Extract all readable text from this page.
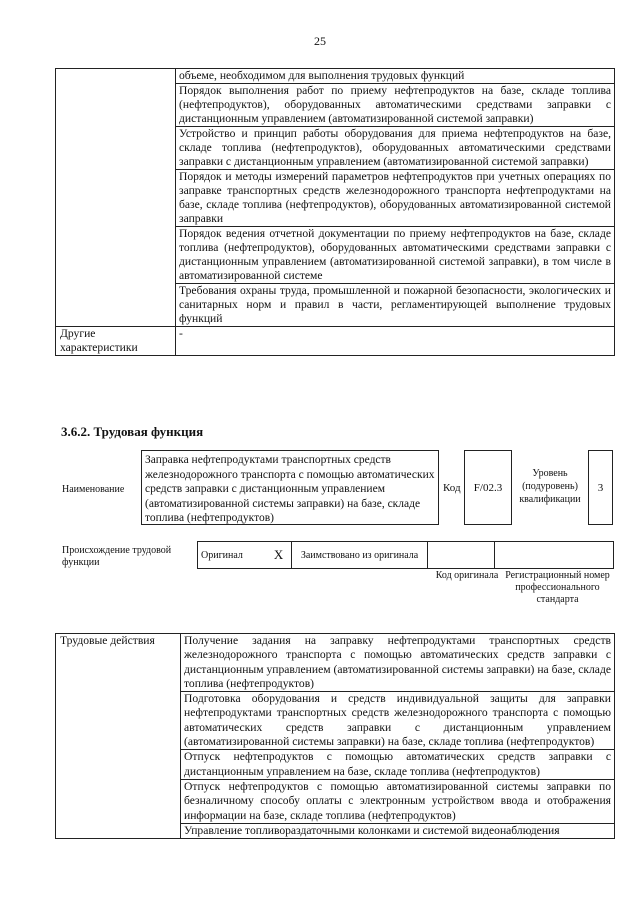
25
	объеме, необходимом для выполнения трудовых функций
	Порядок выполнения работ по приему нефтепродуктов на базе, складе топлива (нефтепродуктов), оборудованных автоматическими средствами заправки с дистанционным управлением (автоматизированной системой заправки)
	Устройство и принцип работы оборудования для приема нефтепродуктов на базе, складе топлива (нефтепродуктов), оборудованных автоматическими средствами заправки с дистанционным управлением (автоматизированной системой заправки)
	Порядок и методы измерений параметров нефтепродуктов при учетных операциях по заправке транспортных средств железнодорожного транспорта нефтепродуктами на базе, складе топлива (нефтепродуктов), оборудованных автоматизированной системой заправки
	Порядок ведения отчетной документации по приему нефтепродуктов на базе, складе топлива (нефтепродуктов), оборудованных автоматическими средствами заправки с дистанционным управлением (автоматизированной системой заправки), в том числе в автоматизированной системе
	Требования охраны труда, промышленной и пожарной безопасности, экологических и санитарных норм и правил в части, регламентирующей выполнение трудовых функций
Другие характеристики	-
3.6.2. Трудовая функция
Наименование
Заправка нефтепродуктами транспортных средств железнодорожного транспорта с помощью автоматических средств заправки с дистанционным управлением (автоматизированной системы заправки) на базе, складе топлива (нефтепродуктов)
Код	F/02.3
Уровень (подуровень) квалификации
3
Происхождение трудовой функции
Оригинал	X	Заимствовано из оригинала		
Код оригинала Регистрационный номер профессионального стандарта
Трудовые действия	Получение задания на заправку нефтепродуктами транспортных средств железнодорожного транспорта с помощью автоматических средств заправки с дистанционным управлением (автоматизированной системы заправки) на базе, складе топлива (нефтепродуктов)
Подготовка оборудования и средств индивидуальной защиты для заправки нефтепродуктами транспортных средств железнодорожного транспорта с помощью автоматических средств заправки с дистанционным управлением (автоматизированной системы заправки) на базе, складе топлива (нефтепродуктов)
Отпуск нефтепродуктов с помощью автоматических средств заправки с дистанционным управлением на базе, складе топлива (нефтепродуктов)
Отпуск нефтепродуктов с помощью автоматизированной системы заправки по безналичному способу оплаты с электронным устройством ввода и отображения информации на базе, складе топлива (нефтепродуктов)
Управление топливораздаточными колонками и системой видеонаблюдения
